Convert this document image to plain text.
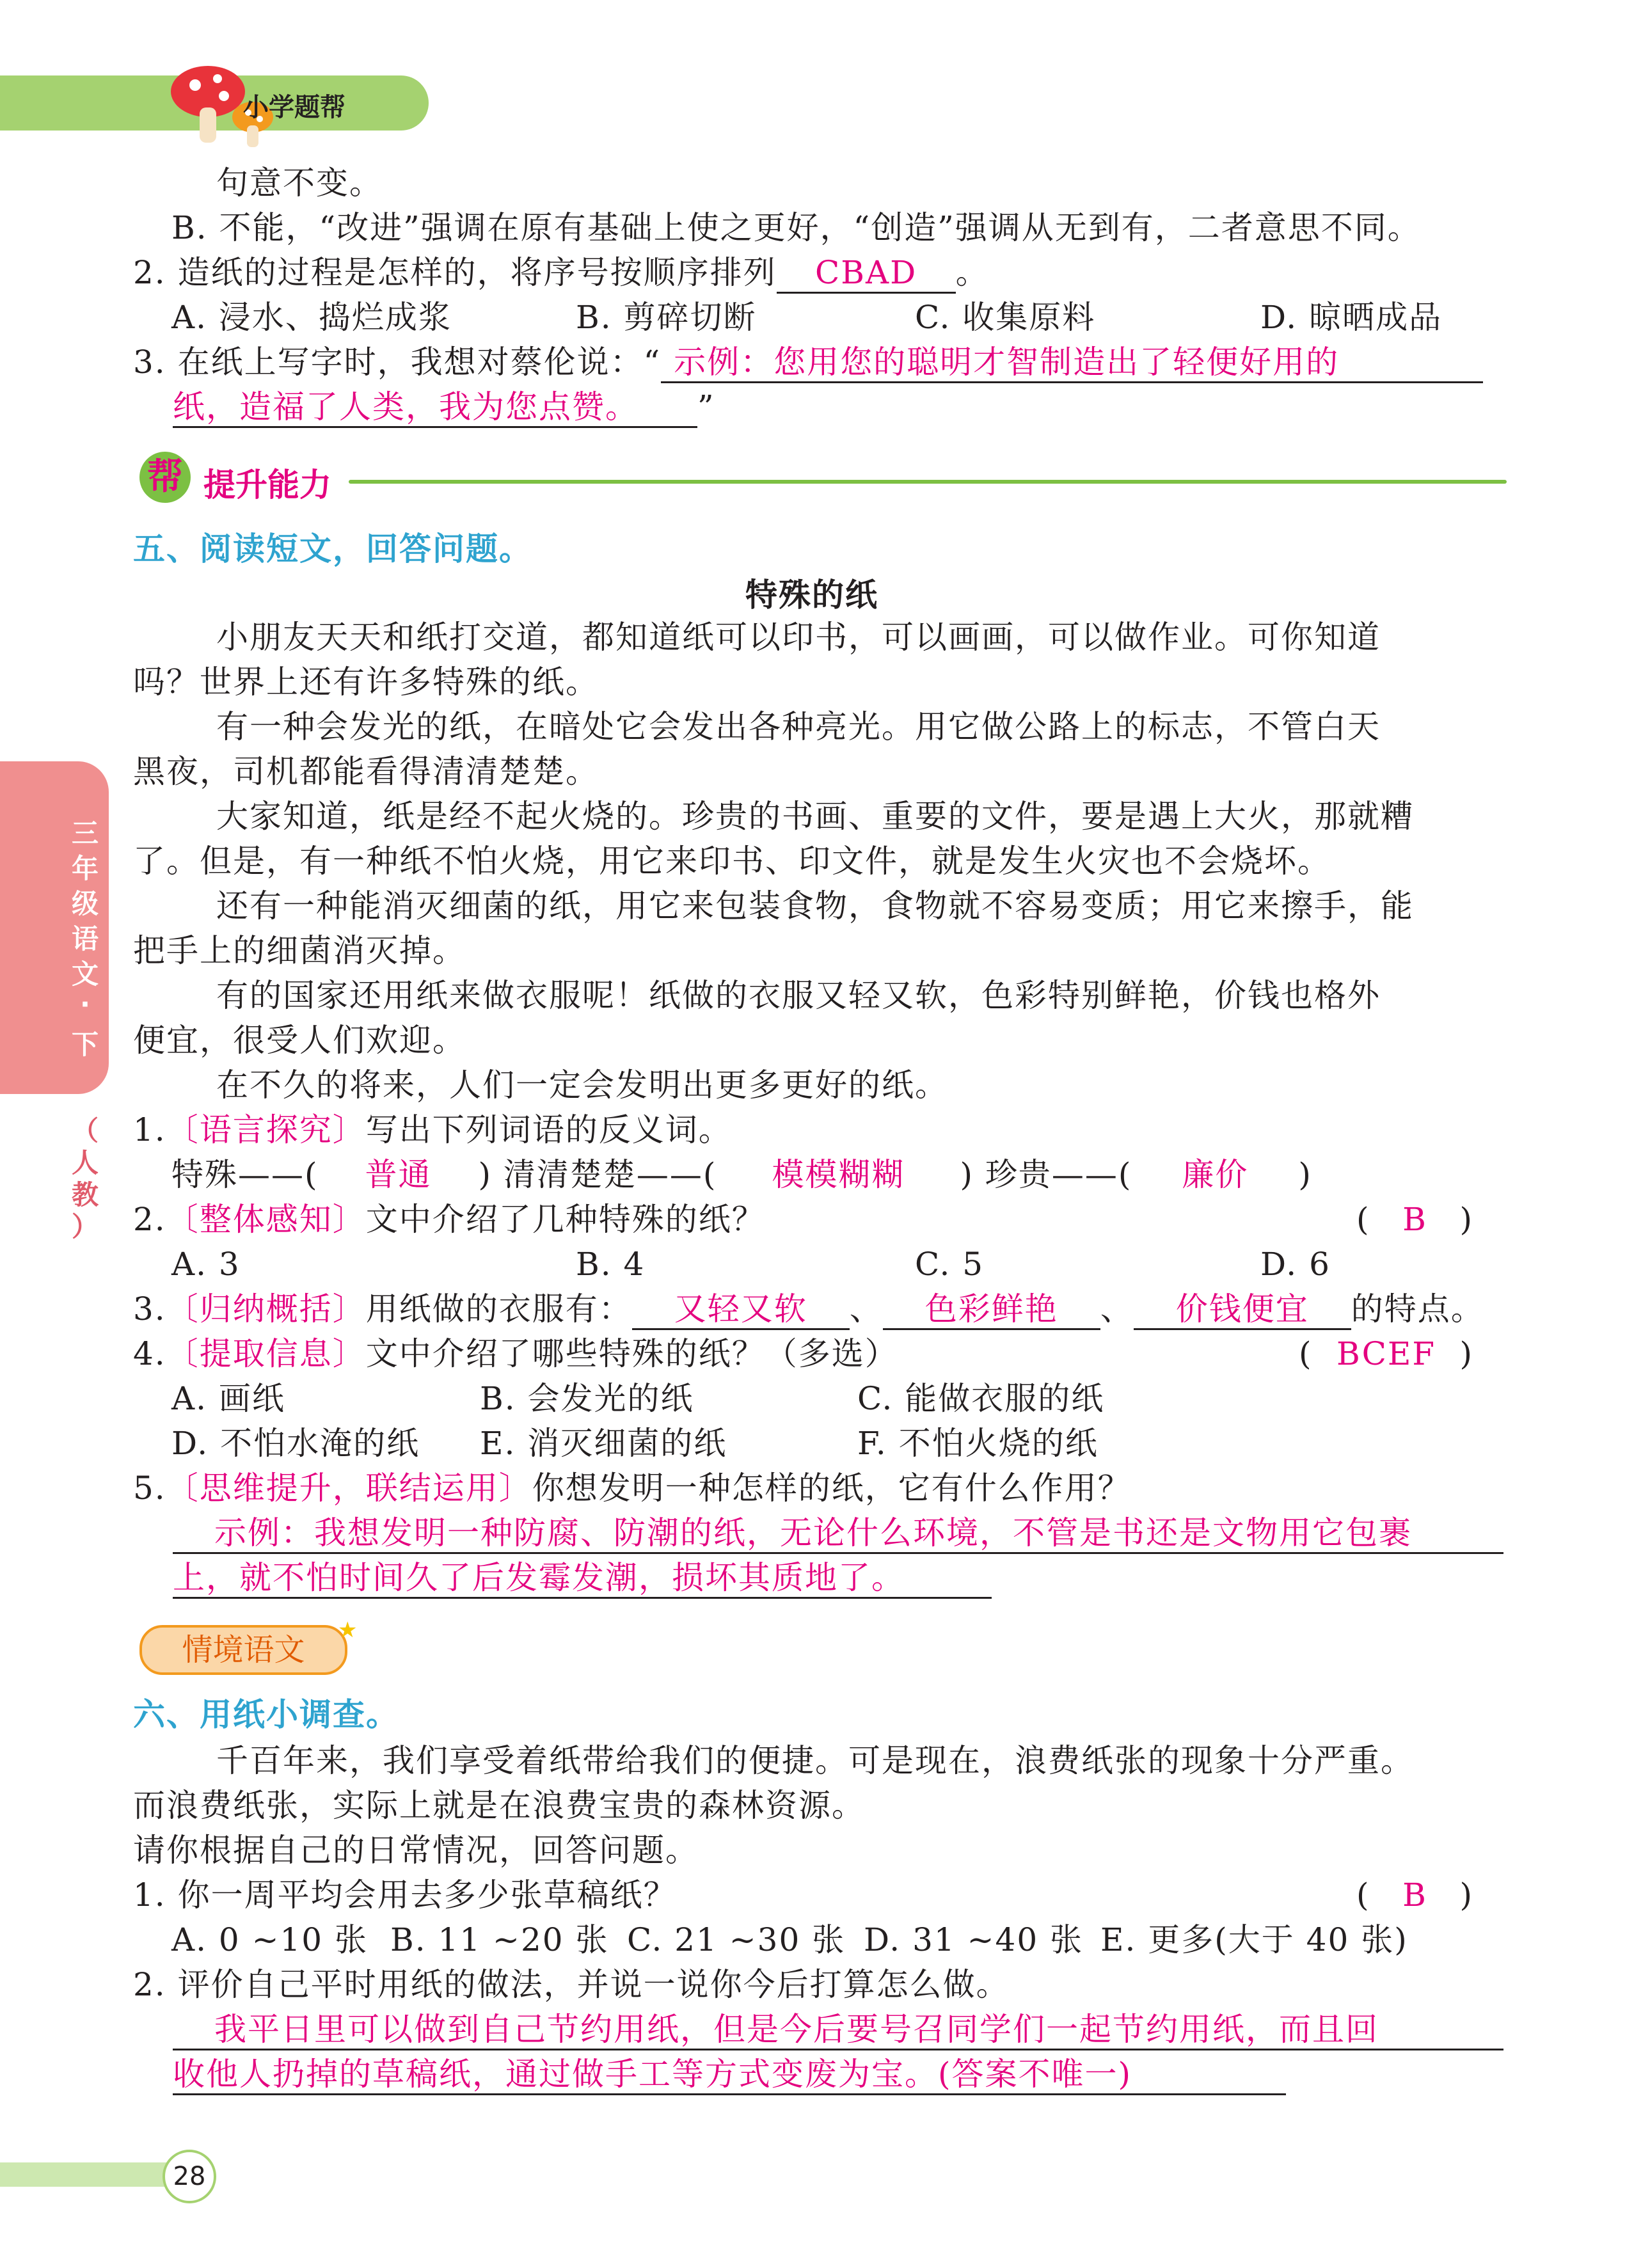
小学题帮
三
年
级
语
文
·
下
（
人
教
）
句意不变。
B. 不能，“改进”强调在原有基础上使之更好，“创造”强调从无到有，二者意思不同。
2. 造纸的过程是怎样的，将序号按顺序排列 CBAD 。
A. 浸水、捣烂成浆	B. 剪碎切断	C. 收集原料	D. 晾晒成品
3. 在纸上写字时，我想对蔡伦说：“ 示例：您用您的聪明才智制造出了轻便好用的
纸，造福了人类，我为您点赞。 ”
帮 提升能力
五、阅读短文，回答问题。
特殊的纸
小朋友天天和纸打交道，都知道纸可以印书，可以画画，可以做作业。可你知道
吗？世界上还有许多特殊的纸。
有一种会发光的纸，在暗处它会发出各种亮光。用它做公路上的标志，不管白天
黑夜，司机都能看得清清楚楚。
大家知道，纸是经不起火烧的。珍贵的书画、重要的文件，要是遇上大火，那就糟
了。但是，有一种纸不怕火烧，用它来印书、印文件，就是发生火灾也不会烧坏。
还有一种能消灭细菌的纸，用它来包装食物，食物就不容易变质；用它来擦手，能
把手上的细菌消灭掉。
有的国家还用纸来做衣服呢！纸做的衣服又轻又软，色彩特别鲜艳，价钱也格外
便宜，很受人们欢迎。
在不久的将来，人们一定会发明出更多更好的纸。
1.〔语言探究〕写出下列词语的反义词。
特殊——( 普通 ) 清清楚楚——( 模模糊糊 ) 珍贵——( 廉价 )
2.〔整体感知〕文中介绍了几种特殊的纸？	( B )
A. 3	B. 4	C. 5	D. 6
3.〔归纳概括〕用纸做的衣服有： 又轻又软 、 色彩鲜艳 、 价钱便宜 的特点。
4.〔提取信息〕文中介绍了哪些特殊的纸？（多选）	( BCEF )
A. 画纸	B. 会发光的纸	C. 能做衣服的纸
D. 不怕水淹的纸 E. 消灭细菌的纸	F. 不怕火烧的纸
5.〔思维提升，联结运用〕你想发明一种怎样的纸，它有什么作用？
示例：我想发明一种防腐、防潮的纸，无论什么环境，不管是书还是文物用它包裹
上，就不怕时间久了后发霉发潮，损坏其质地了。
情境语文
★
六、用纸小调查。
千百年来，我们享受着纸带给我们的便捷。可是现在，浪费纸张的现象十分严重。
而浪费纸张，实际上就是在浪费宝贵的森林资源。
请你根据自己的日常情况，回答问题。
1. 你一周平均会用去多少张草稿纸？	( B )
A. 0 ~10 张 B. 11 ~20 张 C. 21 ~30 张 D. 31 ~40 张 E. 更多(大于 40 张)
2. 评价自己平时用纸的做法，并说一说你今后打算怎么做。
我平日里可以做到自己节约用纸，但是今后要号召同学们一起节约用纸，而且回
收他人扔掉的草稿纸，通过做手工等方式变废为宝。(答案不唯一)
28
